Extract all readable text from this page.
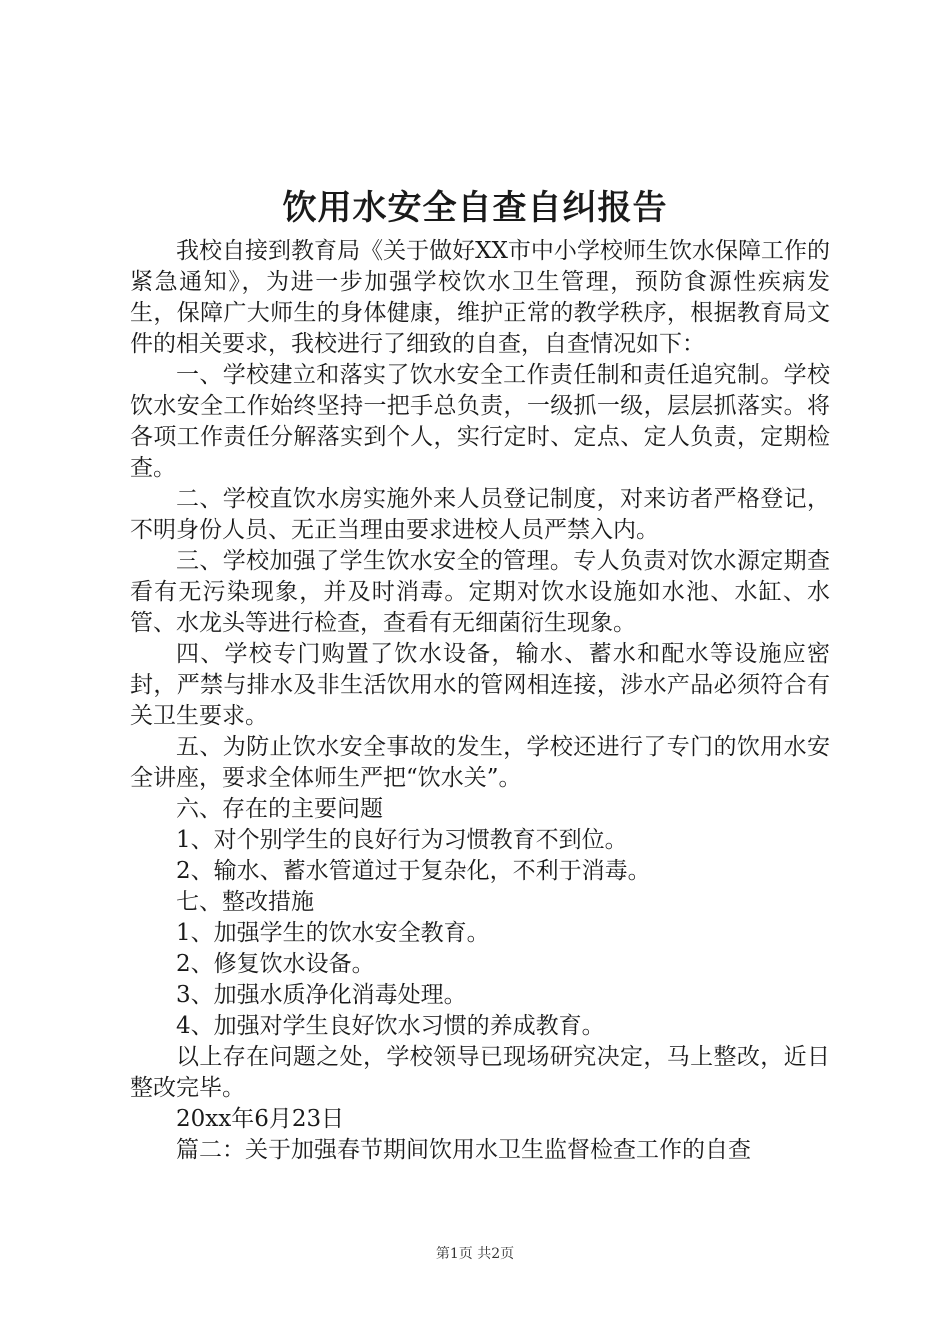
饮用水安全自查自纠报告

我校自接到教育局《关于做好XX市中小学校师生饮水保障工作的紧急通知》，为进一步加强学校饮水卫生管理，预防食源性疾病发生，保障广大师生的身体健康，维护正常的教学秩序，根据教育局文件的相关要求，我校进行了细致的自查，自查情况如下：

一、学校建立和落实了饮水安全工作责任制和责任追究制。学校饮水安全工作始终坚持一把手总负责，一级抓一级，层层抓落实。将各项工作责任分解落实到个人，实行定时、定点、定人负责，定期检查。

二、学校直饮水房实施外来人员登记制度，对来访者严格登记，不明身份人员、无正当理由要求进校人员严禁入内。

三、学校加强了学生饮水安全的管理。专人负责对饮水源定期查看有无污染现象，并及时消毒。定期对饮水设施如水池、水缸、水管、水龙头等进行检查，查看有无细菌衍生现象。

四、学校专门购置了饮水设备，输水、蓄水和配水等设施应密封，严禁与排水及非生活饮用水的管网相连接，涉水产品必须符合有关卫生要求。

五、为防止饮水安全事故的发生，学校还进行了专门的饮用水安全讲座，要求全体师生严把“饮水关”。

六、存在的主要问题

1、对个别学生的良好行为习惯教育不到位。

2、输水、蓄水管道过于复杂化，不利于消毒。

七、整改措施

1、加强学生的饮水安全教育。

2、修复饮水设备。

3、加强水质净化消毒处理。

4、加强对学生良好饮水习惯的养成教育。

以上存在问题之处，学校领导已现场研究决定，马上整改，近日整改完毕。

20xx年6月23日

篇二：关于加强春节期间饮用水卫生监督检查工作的自查

第1页 共2页
